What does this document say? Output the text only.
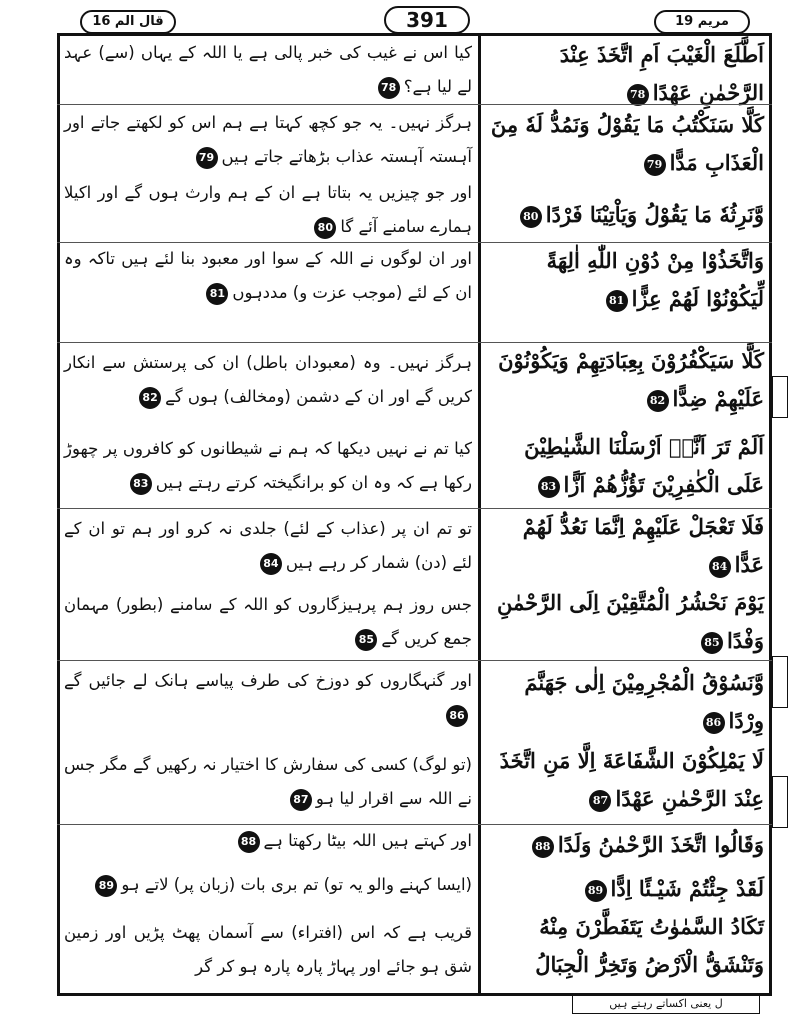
قال الم 16	391	مریم 19
کیا اس نے غیب کی خبر پالی ہے یا اللہ کے یہاں (سے) عہد لے لیا ہے؟78
ہرگز نہیں۔ یہ جو کچھ کہتا ہے ہم اس کو لکھتے جاتے اور آہستہ آہستہ عذاب بڑھاتے جاتے ہیں79
اور جو چیزیں یہ بتاتا ہے ان کے ہم وارث ہوں گے اور اکیلا ہمارے سامنے آئے گا80
اور ان لوگوں نے اللہ کے سوا اور معبود بنا لئے ہیں تاکہ وہ ان کے لئے (موجب عزت و) مددہوں81
ہرگز نہیں۔ وہ (معبودان باطل) ان کی پرستش سے انکار کریں گے اور ان کے دشمن (ومخالف) ہوں گے82
کیا تم نے نہیں دیکھا کہ ہم نے شیطانوں کو کافروں پر چھوڑ رکھا ہے کہ وہ ان کو برانگیختہ کرتے رہتے ہیں83
تو تم ان پر (عذاب کے لئے) جلدی نہ کرو اور ہم تو ان کے لئے (دن) شمار کر رہے ہیں84
جس روز ہم پرہیزگاروں کو اللہ کے سامنے (بطور) مہمان جمع کریں گے85
اور گنہگاروں کو دوزخ کی طرف پیاسے ہانک لے جائیں گے86
(تو لوگ) کسی کی سفارش کا اختیار نہ رکھیں گے مگر جس نے اللہ سے اقرار لیا ہو87
اور کہتے ہیں اللہ بیٹا رکھتا ہے88
(ایسا کہنے والو یہ تو) تم بری بات (زبان پر) لاتے ہو89
قریب ہے کہ اس (افتراء) سے آسمان پھٹ پڑیں اور زمین شق ہو جائے اور پہاڑ پارہ پارہ ہو کر گر
اَطَّلَعَ الْغَيْبَ اَمِ اتَّخَذَ عِنْدَ الرَّحْمٰنِ عَهْدًا78
كَلَّا سَنَكْتُبُ مَا يَقُوْلُ وَنَمُدُّ لَهٗ مِنَ الْعَذَابِ مَدًّا79
وَّنَرِثُهٗ مَا يَقُوْلُ وَيَاْتِيْنَا فَرْدًا80
وَاتَّخَذُوْا مِنْ دُوْنِ اللّٰهِ اٰلِهَةً لِّيَكُوْنُوْا لَهُمْ عِزًّا81
كَلَّا سَيَكْفُرُوْنَ بِعِبَادَتِهِمْ وَيَكُوْنُوْنَ عَلَيْهِمْ ضِدًّا82
اَلَمْ تَرَ اَنَّاۤ اَرْسَلْنَا الشَّيٰطِيْنَ عَلَى الْكٰفِرِيْنَ تَؤُزُّهُمْ اَزًّا83
فَلَا تَعْجَلْ عَلَيْهِمْ اِنَّمَا نَعُدُّ لَهُمْ عَدًّا84
يَوْمَ نَحْشُرُ الْمُتَّقِيْنَ اِلَى الرَّحْمٰنِ وَفْدًا85
وَّنَسُوْقُ الْمُجْرِمِيْنَ اِلٰى جَهَنَّمَ وِرْدًا86
لَا يَمْلِكُوْنَ الشَّفَاعَةَ اِلَّا مَنِ اتَّخَذَ عِنْدَ الرَّحْمٰنِ عَهْدًا87
وَقَالُوا اتَّخَذَ الرَّحْمٰنُ وَلَدًا88
لَقَدْ جِئْتُمْ شَيْـئًا اِدًّا89
تَكَادُ السَّمٰوٰتُ يَتَفَطَّرْنَ مِنْهُ وَتَنْشَقُّ الْاَرْضُ وَتَخِرُّ الْجِبَالُ
ل یعنی اکساتے رہتے ہیں
